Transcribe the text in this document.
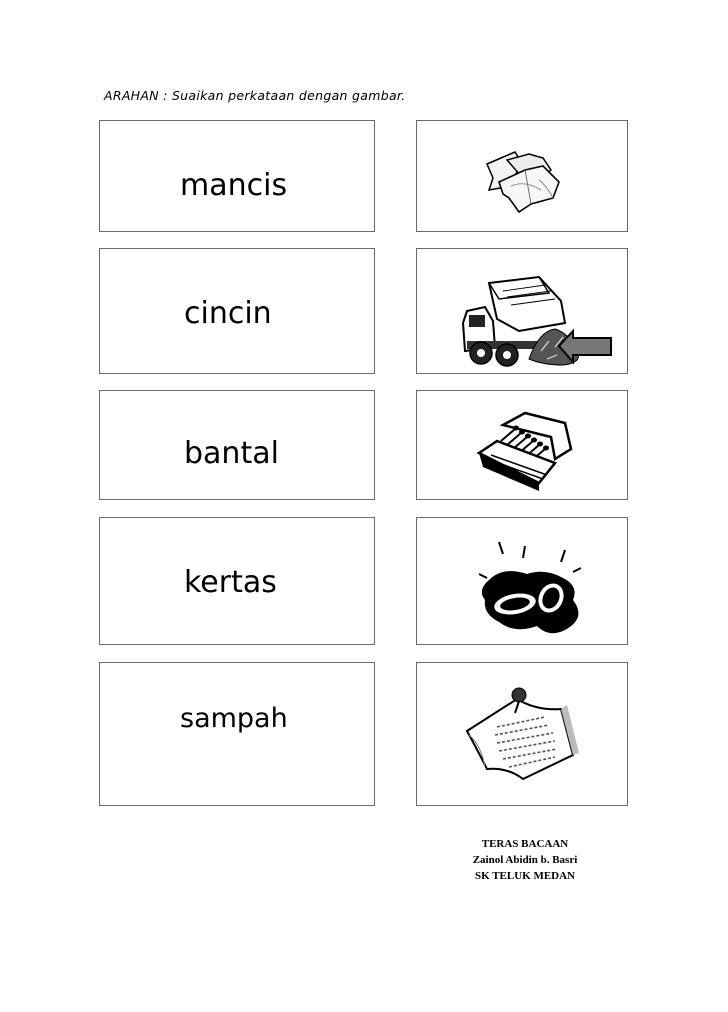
ARAHAN : Suaikan perkataan dengan gambar.
mancis
cincin
bantal
kertas
sampah
TERAS BACAAN
Zainol Abidin b. Basri
SK TELUK MEDAN
